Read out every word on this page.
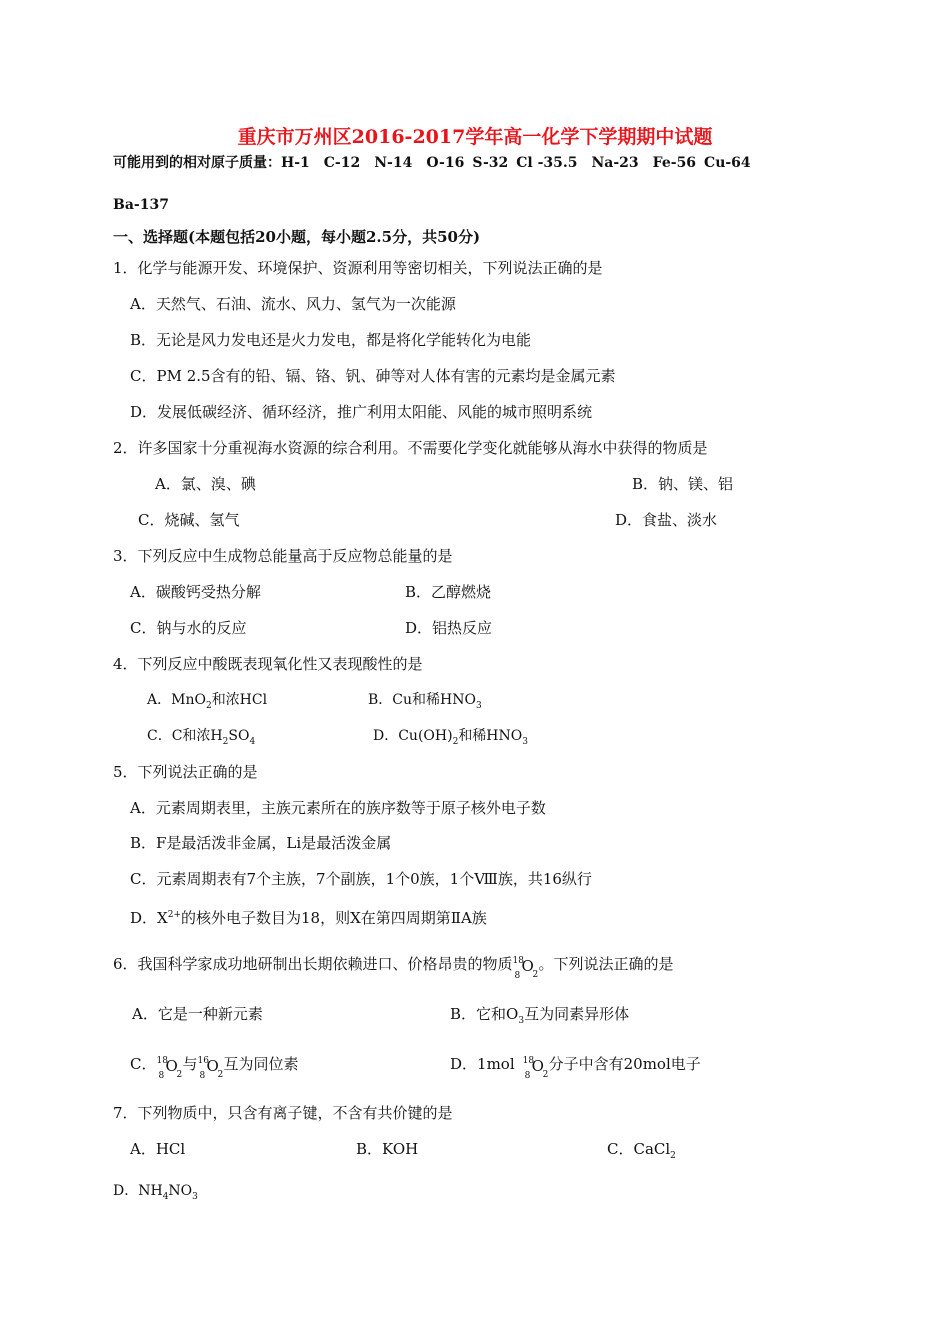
重庆市万州区2016-2017学年高一化学下学期期中试题
可能用到的相对原子质量：H-1 C-12 N-14 O-16 S-32 Cl -35.5 Na-23 Fe-56 Cu-64
Ba-137
一、选择题(本题包括20小题，每小题2.5分，共50分)
1．化学与能源开发、环境保护、资源利用等密切相关，下列说法正确的是
A．天然气、石油、流水、风力、氢气为一次能源
B．无论是风力发电还是火力发电，都是将化学能转化为电能
C．PM 2.5含有的铅、镉、铬、钒、砷等对人体有害的元素均是金属元素
D．发展低碳经济、循环经济，推广利用太阳能、风能的城市照明系统
2．许多国家十分重视海水资源的综合利用。不需要化学变化就能够从海水中获得的物质是
A．氯、溴、碘	B．钠、镁、铝
C．烧碱、氢气	D．食盐、淡水
3．下列反应中生成物总能量高于反应物总能量的是
A．碳酸钙受热分解	B．乙醇燃烧
C．钠与水的反应	D．铝热反应
4．下列反应中酸既表现氧化性又表现酸性的是
A．MnO$_2$和浓HCl	B．Cu和稀$HNO_3$
C．C和浓$H_2SO_4$	D．$Cu(OH)_2$和稀$HNO_3$
5．下列说法正确的是
A．元素周期表里，主族元素所在的族序数等于原子核外电子数
B．F是最活泼非金属，Li是最活泼金属
C．元素周期表有7个主族，7个副族，1个0族，1个Ⅷ族，共16纵行
D．$X^{2+}$的核外电子数目为18，则X在第四周期第ⅡA族
6．我国科学家成功地研制出长期依赖进口、价格昂贵的物质 18
8
O
2
。下列说法正确的是
A．它是一种新元素	B．它和$O_3$互为同素异形体
C． 18
8
O
2
与 16
8
O
2
互为同位素	D．1mol 18
8
O
2
分子中含有20mol电子
7．下列物质中，只含有离子键，不含有共价键的是
A．HCl	B．KOH	C．CaCl$_2$
D．$NH_4NO_3$
